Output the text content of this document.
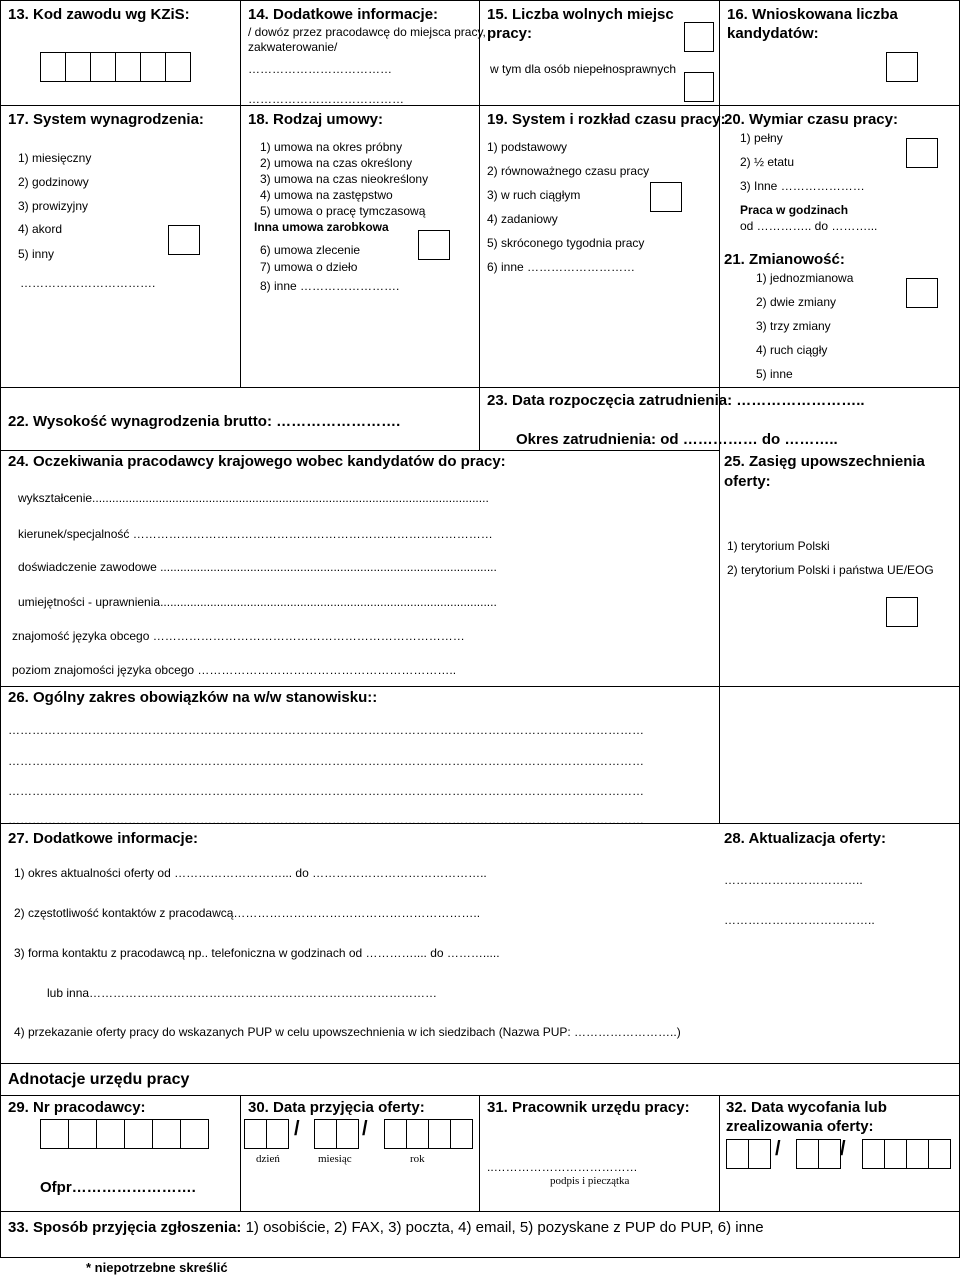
13. Kod zawodu wg KZiS:	14. Dodatkowe informacje:
/ dowóz przez pracodawcę do miejsca pracy,
zakwaterowanie/
………………………………
…………………………………
15. Liczba wolnych miejsc
pracy:
w tym dla osób niepełnosprawnych
16. Wnioskowana liczba
kandydatów:
17. System wynagrodzenia:
1) miesięczny
2) godzinowy
3) prowizyjny
4) akord
5) inny
…………………………….
18. Rodzaj umowy:
1) umowa na okres próbny
2) umowa na czas określony
3) umowa na czas nieokreślony
4) umowa na zastępstwo
5) umowa o pracę tymczasową
Inna umowa zarobkowa
6) umowa zlecenie
7) umowa o dzieło
8) inne …………………….
19. System i rozkład czasu pracy:
1) podstawowy
2) równoważnego czasu pracy
3) w ruch ciągłym
4) zadaniowy
5) skróconego tygodnia pracy
6) inne ………………………
20. Wymiar czasu pracy:
1) pełny
2) ½ etatu
3) Inne …………………
Praca w godzinach
od ………….. do ………...
21. Zmianowość:
1) jednozmianowa
2) dwie zmiany
3) trzy zmiany
4) ruch ciągły
5) inne
22. Wysokość wynagrodzenia brutto: …………………….
23. Data rozpoczęcia zatrudnienia: ……………………..
Okres zatrudnienia: od …………… do ………..
24. Oczekiwania pracodawcy krajowego wobec kandydatów do pracy:
wykształcenie.......................................................................................................................
kierunek/specjalność ………………………………………………………………………………
doświadczenie zawodowe .....................................................................................................
umiejętności - uprawnienia.....................................................................................................
znajomość języka obcego ……………………………………………………………………
poziom znajomości języka obcego ………………………………………………………..
25. Zasięg upowszechnienia
oferty:
1) terytorium Polski
2) terytorium Polski i państwa UE/EOG
26. Ogólny zakres obowiązków na w/w stanowisku::
……………………………………………………………………………………………………………………………………………
……………………………………………………………………………………………………………………………………………
……………………………………………………………………………………………………………………………………………
……………………………………………………………………………………………………………………………………………
27. Dodatkowe informacje:
1) okres aktualności oferty od ………………………... do ……………………………………..
2) częstotliwość kontaktów z pracodawcą……………………………………………………..
3) forma kontaktu z pracodawcą np.. telefoniczna w godzinach od ………….... do ……….....
lub inna……………………………………………………………………………
4) przekazanie oferty pracy do wskazanych PUP w celu upowszechnienia w ich siedzibach (Nazwa PUP: ……………………..)
28. Aktualizacja oferty:
……………………………..
………………………………..
Adnotacje urzędu pracy
29. Nr pracodawcy:
Ofpr…………………….
30. Data przyjęcia oferty:
/	/
dzień	miesiąc	rok
31. Pracownik urzędu pracy:
..………………………………
podpis i pieczątka
32. Data wycofania lub
zrealizowania oferty:
/	/
33. Sposób przyjęcia zgłoszenia: 1) osobiście, 2) FAX, 3) poczta, 4) email, 5) pozyskane z PUP do PUP, 6) inne
* niepotrzebne skreślić
